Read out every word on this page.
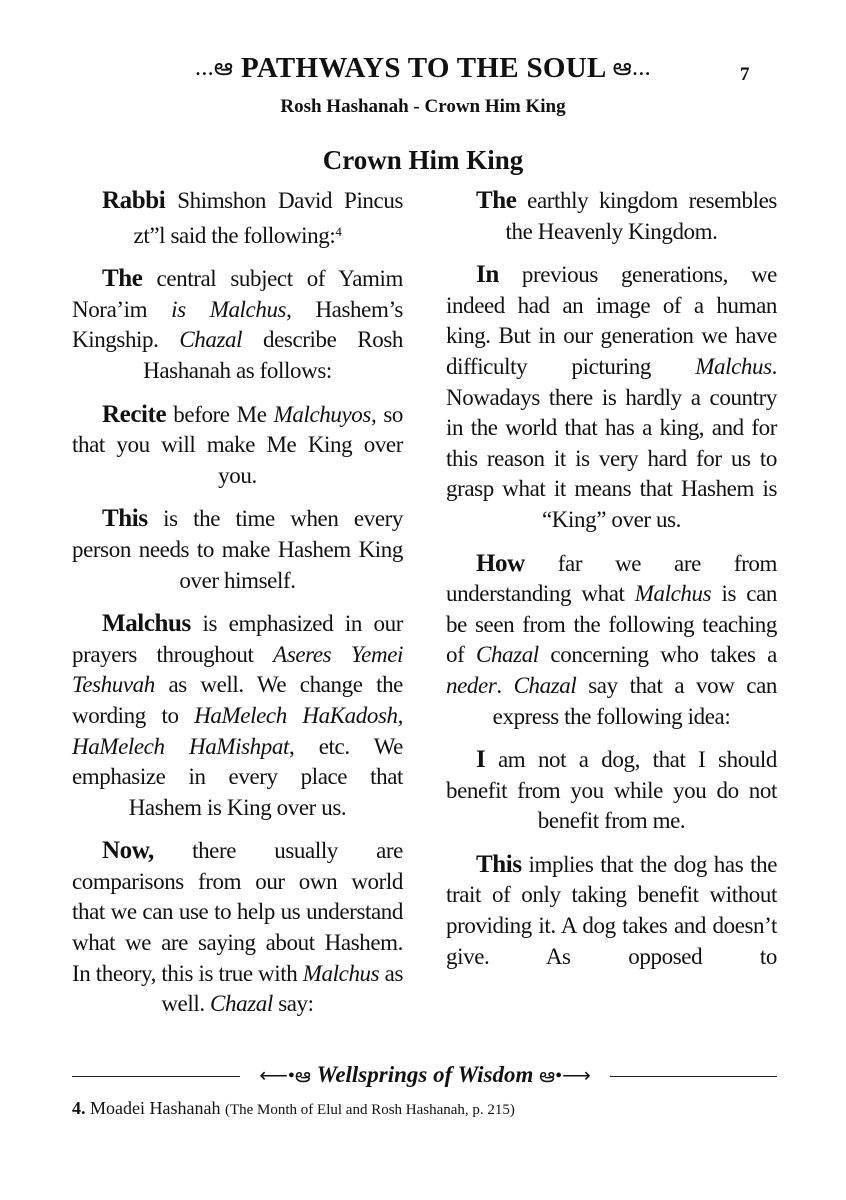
...ఆ PATHWAYS TO THE SOUL ఆ...	7
Rosh Hashanah - Crown Him King
Crown Him King

Rabbi Shimshon David Pincus zt”l said the following:$^4$

The central subject of Yamim Nora’im is Malchus, Hashem’s Kingship. Chazal describe Rosh Hashanah as follows:

Recite before Me Malchuyos, so that you will make Me King over you.

This is the time when every person needs to make Hashem King over himself.

Malchus is emphasized in our prayers throughout Aseres Yemei Teshuvah as well. We change the wording to HaMelech HaKadosh, HaMelech HaMishpat, etc. We emphasize in every place that Hashem is King over us.

Now, there usually are comparisons from our own world that we can use to help us understand what we are saying about Hashem. In theory, this is true with Malchus as well. Chazal say:

The earthly kingdom resembles the Heavenly Kingdom.

In previous generations, we indeed had an image of a human king. But in our generation we have difficulty picturing Malchus. Nowadays there is hardly a country in the world that has a king, and for this reason it is very hard for us to grasp what it means that Hashem is “King” over us.

How far we are from understanding what Malchus is can be seen from the following teaching of Chazal concerning who takes a neder. Chazal say that a vow can express the following idea:

I am not a dog, that I should benefit from you while you do not benefit from me.

This implies that the dog has the trait of only taking benefit without providing it. A dog takes and doesn’t give. As opposed to

⟵•ఆ Wellsprings of Wisdom ఆ•⟶
4. Moadei Hashanah (The Month of Elul and Rosh Hashanah, p. 215)
